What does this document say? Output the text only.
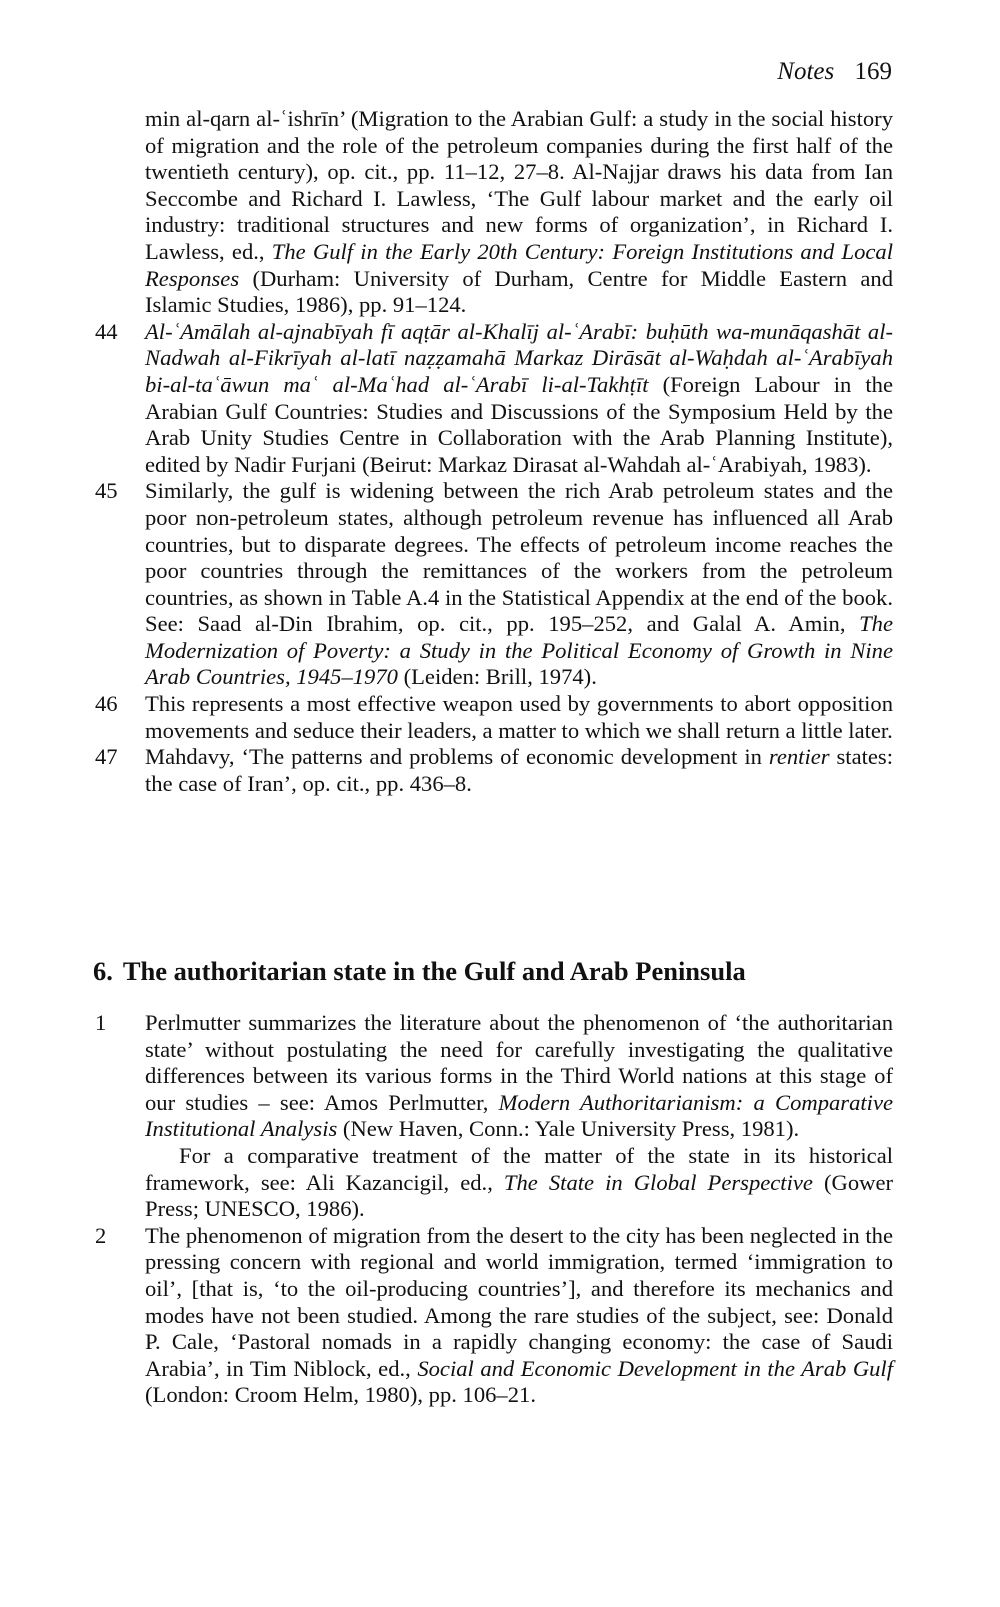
Notes 169

min al-qarn al-ʿishrīn’ (Migration to the Arabian Gulf: a study in the social history of migration and the role of the petroleum companies during the first half of the twentieth century), op. cit., pp. 11–12, 27–8. Al-Najjar draws his data from Ian Seccombe and Richard I. Lawless, ‘The Gulf labour market and the early oil industry: traditional structures and new forms of organization’, in Richard I. Lawless, ed., The Gulf in the Early 20th Century: Foreign Institutions and Local Responses (Durham: University of Durham, Centre for Middle Eastern and Islamic Studies, 1986), pp. 91–124.

44	Al-ʿAmālah al-ajnabīyah fī aqṭār al-Khalīj al-ʿArabī: buḥūth wa-munāqashāt al-Nadwah al-Fikrīyah al-latī naẓẓamahā Markaz Dirāsāt al-Waḥdah al-ʿArabīyah bi-al-taʿāwun maʿ al-Maʿhad al-ʿArabī li-al-Takhṭīt (Foreign Labour in the Arabian Gulf Countries: Studies and Discussions of the Symposium Held by the Arab Unity Studies Centre in Collaboration with the Arab Planning Institute), edited by Nadir Furjani (Beirut: Markaz Dirasat al-Wahdah al-ʿArabiyah, 1983).

45	Similarly, the gulf is widening between the rich Arab petroleum states and the poor non-petroleum states, although petroleum revenue has influenced all Arab countries, but to disparate degrees. The effects of petroleum income reaches the poor countries through the remittances of the workers from the petroleum countries, as shown in Table A.4 in the Statistical Appendix at the end of the book. See: Saad al-Din Ibrahim, op. cit., pp. 195–252, and Galal A. Amin, The Modernization of Poverty: a Study in the Political Economy of Growth in Nine Arab Countries, 1945–1970 (Leiden: Brill, 1974).

46	This represents a most effective weapon used by governments to abort opposition movements and seduce their leaders, a matter to which we shall return a little later.

47	Mahdavy, ‘The patterns and problems of economic development in rentier states: the case of Iran’, op. cit., pp. 436–8.

6. The authoritarian state in the Gulf and Arab Peninsula
1	Perlmutter summarizes the literature about the phenomenon of ‘the authoritarian state’ without postulating the need for carefully investigating the qualitative differences between its various forms in the Third World nations at this stage of our studies – see: Amos Perlmutter, Modern Authoritarianism: a Comparative Institutional Analysis (New Haven, Conn.: Yale University Press, 1981).

For a comparative treatment of the matter of the state in its historical framework, see: Ali Kazancigil, ed., The State in Global Perspective (Gower Press; UNESCO, 1986).

2	The phenomenon of migration from the desert to the city has been neglected in the pressing concern with regional and world immigration, termed ‘immigration to oil’, [that is, ‘to the oil-producing countries’], and therefore its mechanics and modes have not been studied. Among the rare studies of the subject, see: Donald P. Cale, ‘Pastoral nomads in a rapidly changing economy: the case of Saudi Arabia’, in Tim Niblock, ed., Social and Economic Development in the Arab Gulf (London: Croom Helm, 1980), pp. 106–21.
